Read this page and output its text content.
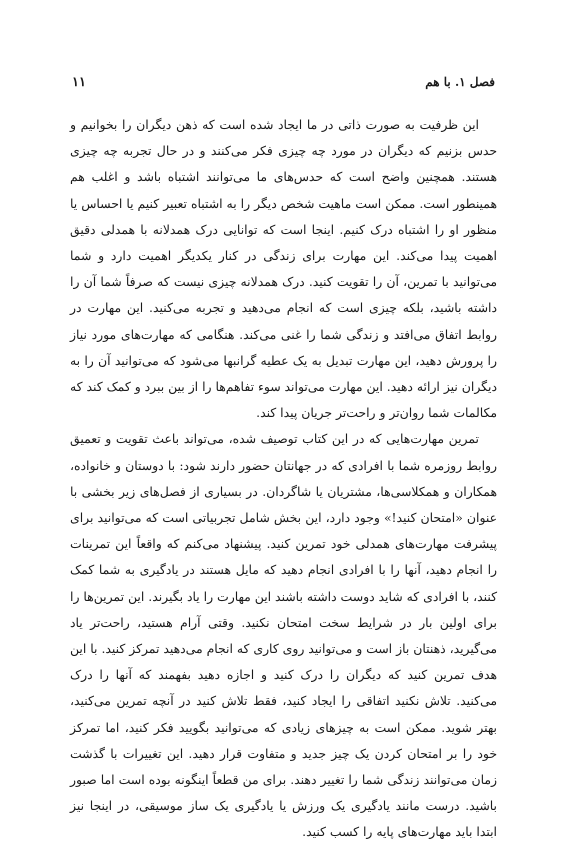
فصل ۱. با هم
۱۱

این ظرفیت به صورت ذاتی در ما ایجاد شده است که ذهن دیگران را بخوانیم و حدس بزنیم که دیگران در مورد چه چیزی فکر می‌کنند و در حال تجربه چه چیزی هستند. همچنین واضح است که حدس‌های ما می‌توانند اشتباه باشد و اغلب هم همینطور است. ممکن است ماهیت شخص دیگر را به اشتباه تعبیر کنیم یا احساس یا منظور او را اشتباه درک کنیم. اینجا است که توانایی درک همدلانه با همدلی دقیق اهمیت پیدا می‌کند. این مهارت برای زندگی در کنار یکدیگر اهمیت دارد و شما می‌توانید با تمرین، آن را تقویت کنید. درک همدلانه چیزی نیست که صرفاً شما آن را داشته باشید، بلکه چیزی است که انجام می‌دهید و تجربه می‌کنید. این مهارت در روابط اتفاق می‌افتد و زندگی شما را غنی می‌کند. هنگامی که مهارت‌های مورد نیاز را پرورش دهید، این مهارت تبدیل به یک عطیه گرانبها می‌شود که می‌توانید آن را به دیگران نیز ارائه دهید. این مهارت می‌تواند سوء تفاهم‌ها را از بین ببرد و کمک کند که مکالمات شما روان‌تر و راحت‌تر جریان پیدا کند.

تمرین مهارت‌هایی که در این کتاب توصیف شده، می‌تواند باعث تقویت و تعمیق روابط روزمره شما با افرادی که در جهانتان حضور دارند شود: با دوستان و خانواده، همکاران و همکلاسی‌ها، مشتریان یا شاگردان. در بسیاری از فصل‌های زیر بخشی با عنوان «امتحان کنید!» وجود دارد، این بخش شامل تجربیاتی است که می‌توانید برای پیشرفت مهارت‌های همدلی خود تمرین کنید. پیشنهاد می‌کنم که واقعاً این تمرینات را انجام دهید، آنها را با افرادی انجام دهید که مایل هستند در یادگیری به شما کمک کنند، با افرادی که شاید دوست داشته باشند این مهارت را یاد بگیرند. این تمرین‌ها را برای اولین بار در شرایط سخت امتحان نکنید. وقتی آرام هستید، راحت‌تر یاد می‌گیرید، ذهنتان باز است و می‌توانید روی کاری که انجام می‌دهید تمرکز کنید. با این هدف تمرین کنید که دیگران را درک کنید و اجازه دهید بفهمند که آنها را درک می‌کنید. تلاش نکنید اتفاقی را ایجاد کنید، فقط تلاش کنید در آنچه تمرین می‌کنید، بهتر شوید. ممکن است به چیزهای زیادی که می‌توانید بگویید فکر کنید، اما تمرکز خود را بر امتحان کردن یک چیز جدید و متفاوت قرار دهید. این تغییرات با گذشت زمان می‌توانند زندگی شما را تغییر دهند. برای من قطعاً اینگونه بوده است اما صبور باشید. درست مانند یادگیری یک ورزش یا یادگیری یک ساز موسیقی، در اینجا نیز ابتدا باید مهارت‌های پایه را کسب کنید.
